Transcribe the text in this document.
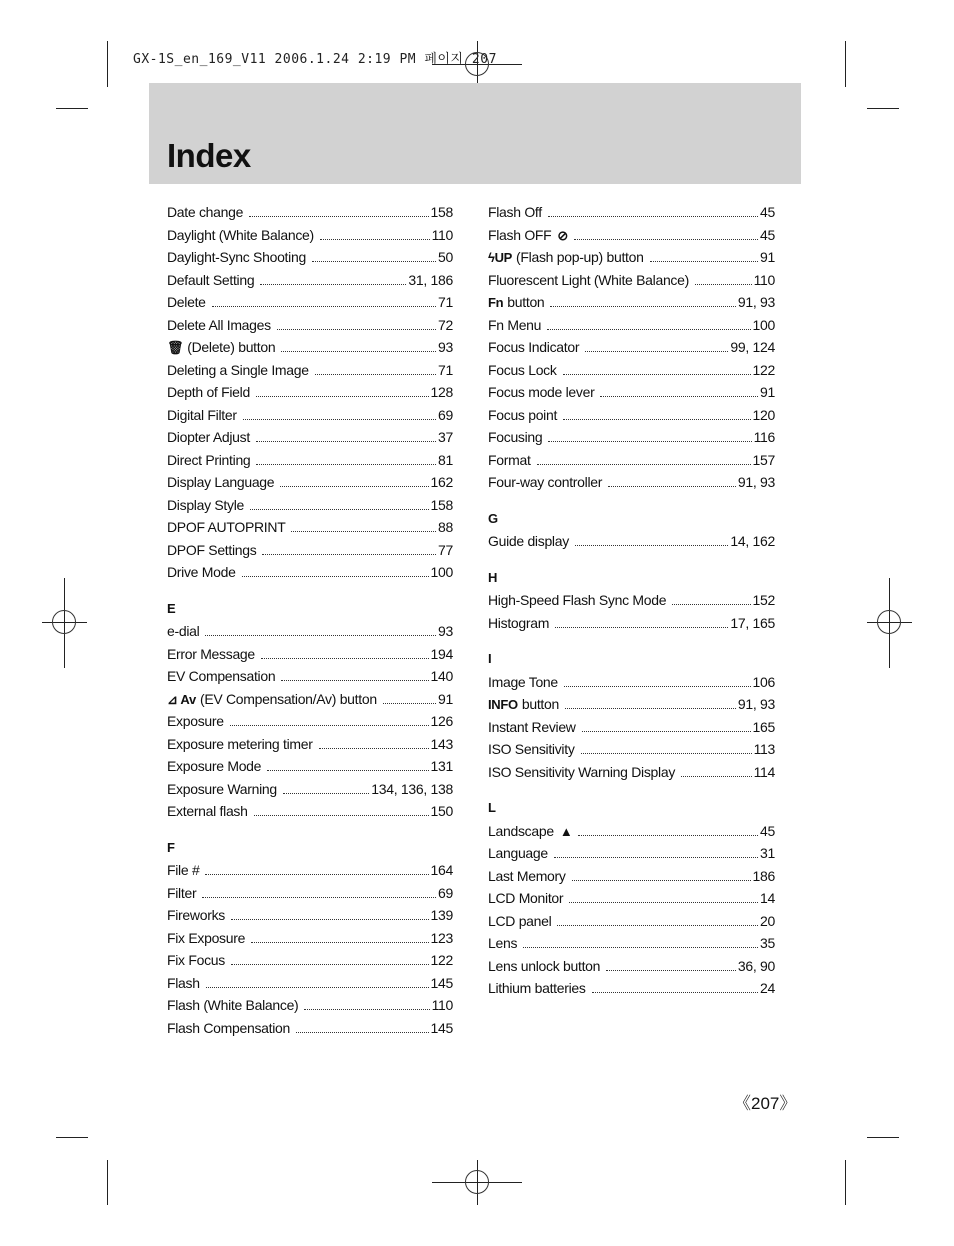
GX-1S_en_169_V11 2006.1.24 2:19 PM 페이지 207
Index
Date change	158
Daylight (White Balance)	110
Daylight-Sync Shooting	50
Default Setting	31, 186
Delete	71
Delete All Images	72
🗑 (Delete) button	93
Deleting a Single Image	71
Depth of Field	128
Digital Filter	69
Diopter Adjust	37
Direct Printing	81
Display Language	162
Display Style	158
DPOF AUTOPRINT	88
DPOF Settings	77
Drive Mode	100
E
e-dial	93
Error Message	194
EV Compensation	140
⊿ Av (EV Compensation/Av) button	91
Exposure	126
Exposure metering timer	143
Exposure Mode	131
Exposure Warning	134, 136, 138
External flash	150
F
File #	164
Filter	69
Fireworks	139
Fix Exposure	123
Fix Focus	122
Flash	145
Flash (White Balance)	110
Flash Compensation	145
Flash Off	45
Flash OFF ⊘	45
ϟUP (Flash pop-up) button	91
Fluorescent Light (White Balance)	110
Fn button	91, 93
Fn Menu	100
Focus Indicator	99, 124
Focus Lock	122
Focus mode lever	91
Focus point	120
Focusing	116
Format	157
Four-way controller	91, 93
G
Guide display	14, 162
H
High-Speed Flash Sync Mode	152
Histogram	17, 165
I
Image Tone	106
INFO button	91, 93
Instant Review	165
ISO Sensitivity	113
ISO Sensitivity Warning Display	114
L
Landscape ▲	45
Language	31
Last Memory	186
LCD Monitor	14
LCD panel	20
Lens	35
Lens unlock button	36, 90
Lithium batteries	24
《207》
